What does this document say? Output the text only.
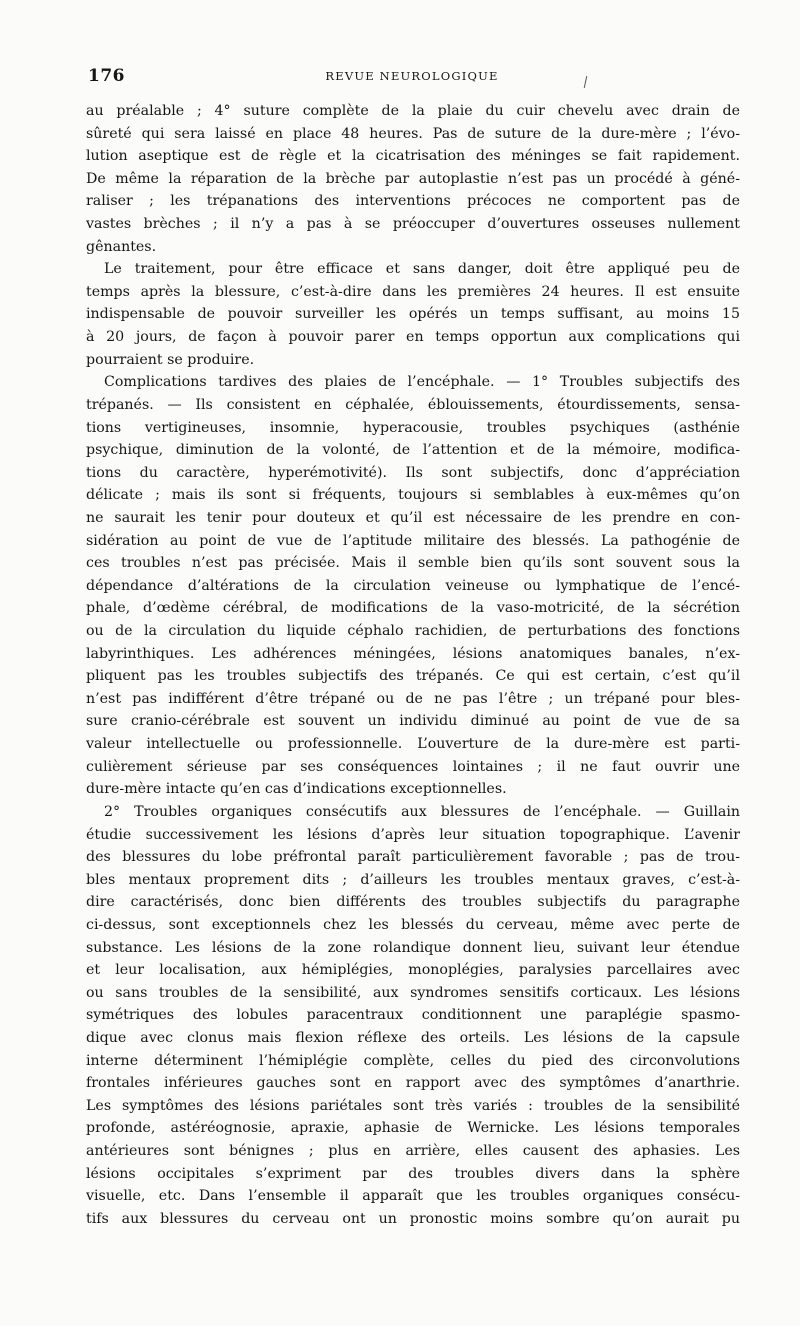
176	REVUE NEUROLOGIQUE
au préalable ; 4° suture complète de la plaie du cuir chevelu avec drain de
sûreté qui sera laissé en place 48 heures. Pas de suture de la dure-mère ; l’évo-
lution aseptique est de règle et la cicatrisation des méninges se fait rapidement.
De même la réparation de la brèche par autoplastie n’est pas un procédé à géné-
raliser ; les trépanations des interventions précoces ne comportent pas de
vastes brèches ; il n’y a pas à se préoccuper d’ouvertures osseuses nullement
gênantes.
Le traitement, pour être efficace et sans danger, doit être appliqué peu de
temps après la blessure, c’est-à-dire dans les premières 24 heures. Il est ensuite
indispensable de pouvoir surveiller les opérés un temps suffisant, au moins 15
à 20 jours, de façon à pouvoir parer en temps opportun aux complications qui
pourraient se produire.
Complications tardives des plaies de l’encéphale. — 1° Troubles subjectifs des
trépanés. — Ils consistent en céphalée, éblouissements, étourdissements, sensa-
tions vertigineuses, insomnie, hyperacousie, troubles psychiques (asthénie
psychique, diminution de la volonté, de l’attention et de la mémoire, modifica-
tions du caractère, hyperémotivité). Ils sont subjectifs, donc d’appréciation
délicate ; mais ils sont si fréquents, toujours si semblables à eux-mêmes qu’on
ne saurait les tenir pour douteux et qu’il est nécessaire de les prendre en con-
sidération au point de vue de l’aptitude militaire des blessés. La pathogénie de
ces troubles n’est pas précisée. Mais il semble bien qu’ils sont souvent sous la
dépendance d’altérations de la circulation veineuse ou lymphatique de l’encé-
phale, d’œdème cérébral, de modifications de la vaso-motricité, de la sécrétion
ou de la circulation du liquide céphalo rachidien, de perturbations des fonctions
labyrinthiques. Les adhérences méningées, lésions anatomiques banales, n’ex-
pliquent pas les troubles subjectifs des trépanés. Ce qui est certain, c’est qu’il
n’est pas indifférent d’être trépané ou de ne pas l’être ; un trépané pour bles-
sure cranio-cérébrale est souvent un individu diminué au point de vue de sa
valeur intellectuelle ou professionnelle. L’ouverture de la dure-mère est parti-
culièrement sérieuse par ses conséquences lointaines ; il ne faut ouvrir une
dure-mère intacte qu’en cas d’indications exceptionnelles.
2° Troubles organiques consécutifs aux blessures de l’encéphale. — Guillain
étudie successivement les lésions d’après leur situation topographique. L’avenir
des blessures du lobe préfrontal paraît particulièrement favorable ; pas de trou-
bles mentaux proprement dits ; d’ailleurs les troubles mentaux graves, c’est-à-
dire caractérisés, donc bien différents des troubles subjectifs du paragraphe
ci-dessus, sont exceptionnels chez les blessés du cerveau, même avec perte de
substance. Les lésions de la zone rolandique donnent lieu, suivant leur étendue
et leur localisation, aux hémiplégies, monoplégies, paralysies parcellaires avec
ou sans troubles de la sensibilité, aux syndromes sensitifs corticaux. Les lésions
symétriques des lobules paracentraux conditionnent une paraplégie spasmo-
dique avec clonus mais flexion réflexe des orteils. Les lésions de la capsule
interne déterminent l’hémiplégie complète, celles du pied des circonvolutions
frontales inférieures gauches sont en rapport avec des symptômes d’anarthrie.
Les symptômes des lésions pariétales sont très variés : troubles de la sensibilité
profonde, astéréognosie, apraxie, aphasie de Wernicke. Les lésions temporales
antérieures sont bénignes ; plus en arrière, elles causent des aphasies. Les
lésions occipitales s’expriment par des troubles divers dans la sphère
visuelle, etc. Dans l’ensemble il apparaît que les troubles organiques consécu-
tifs aux blessures du cerveau ont un pronostic moins sombre qu’on aurait pu
